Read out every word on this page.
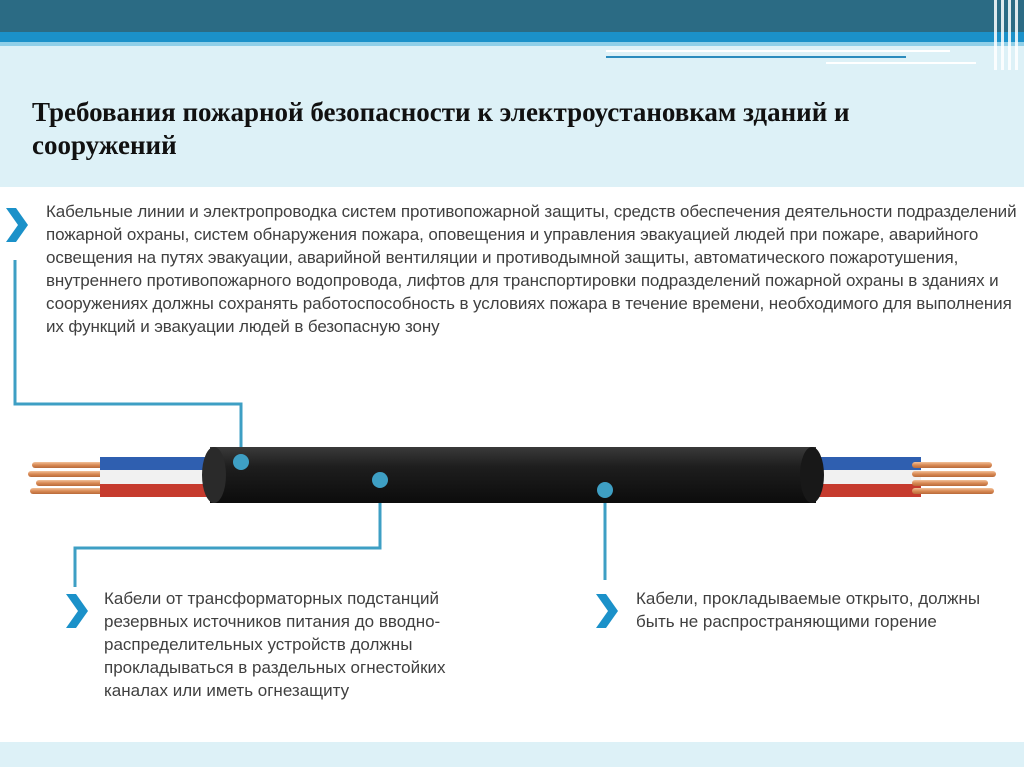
Требования пожарной безопасности к электроустановкам зданий и сооружений

Кабельные линии и электропроводка систем противопожарной защиты, средств обеспечения деятельности подразделений пожарной охраны, систем обнаружения пожара, оповещения и управления эвакуацией людей при пожаре, аварийного освещения на путях эвакуации, аварийной вентиляции и противодымной защиты, автоматического пожаротушения, внутреннего противопожарного водопровода, лифтов для транспортировки подразделений пожарной охраны в зданиях и сооружениях должны сохранять работоспособность в условиях пожара в течение времени, необходимого для выполнения их функций и эвакуации людей в безопасную зону

Кабели от трансформаторных подстанций резервных источников питания до вводно-распределительных устройств должны прокладываться в раздельных огнестойких каналах или иметь огнезащиту

Кабели, прокладываемые открыто, должны быть не распространяющими горение
